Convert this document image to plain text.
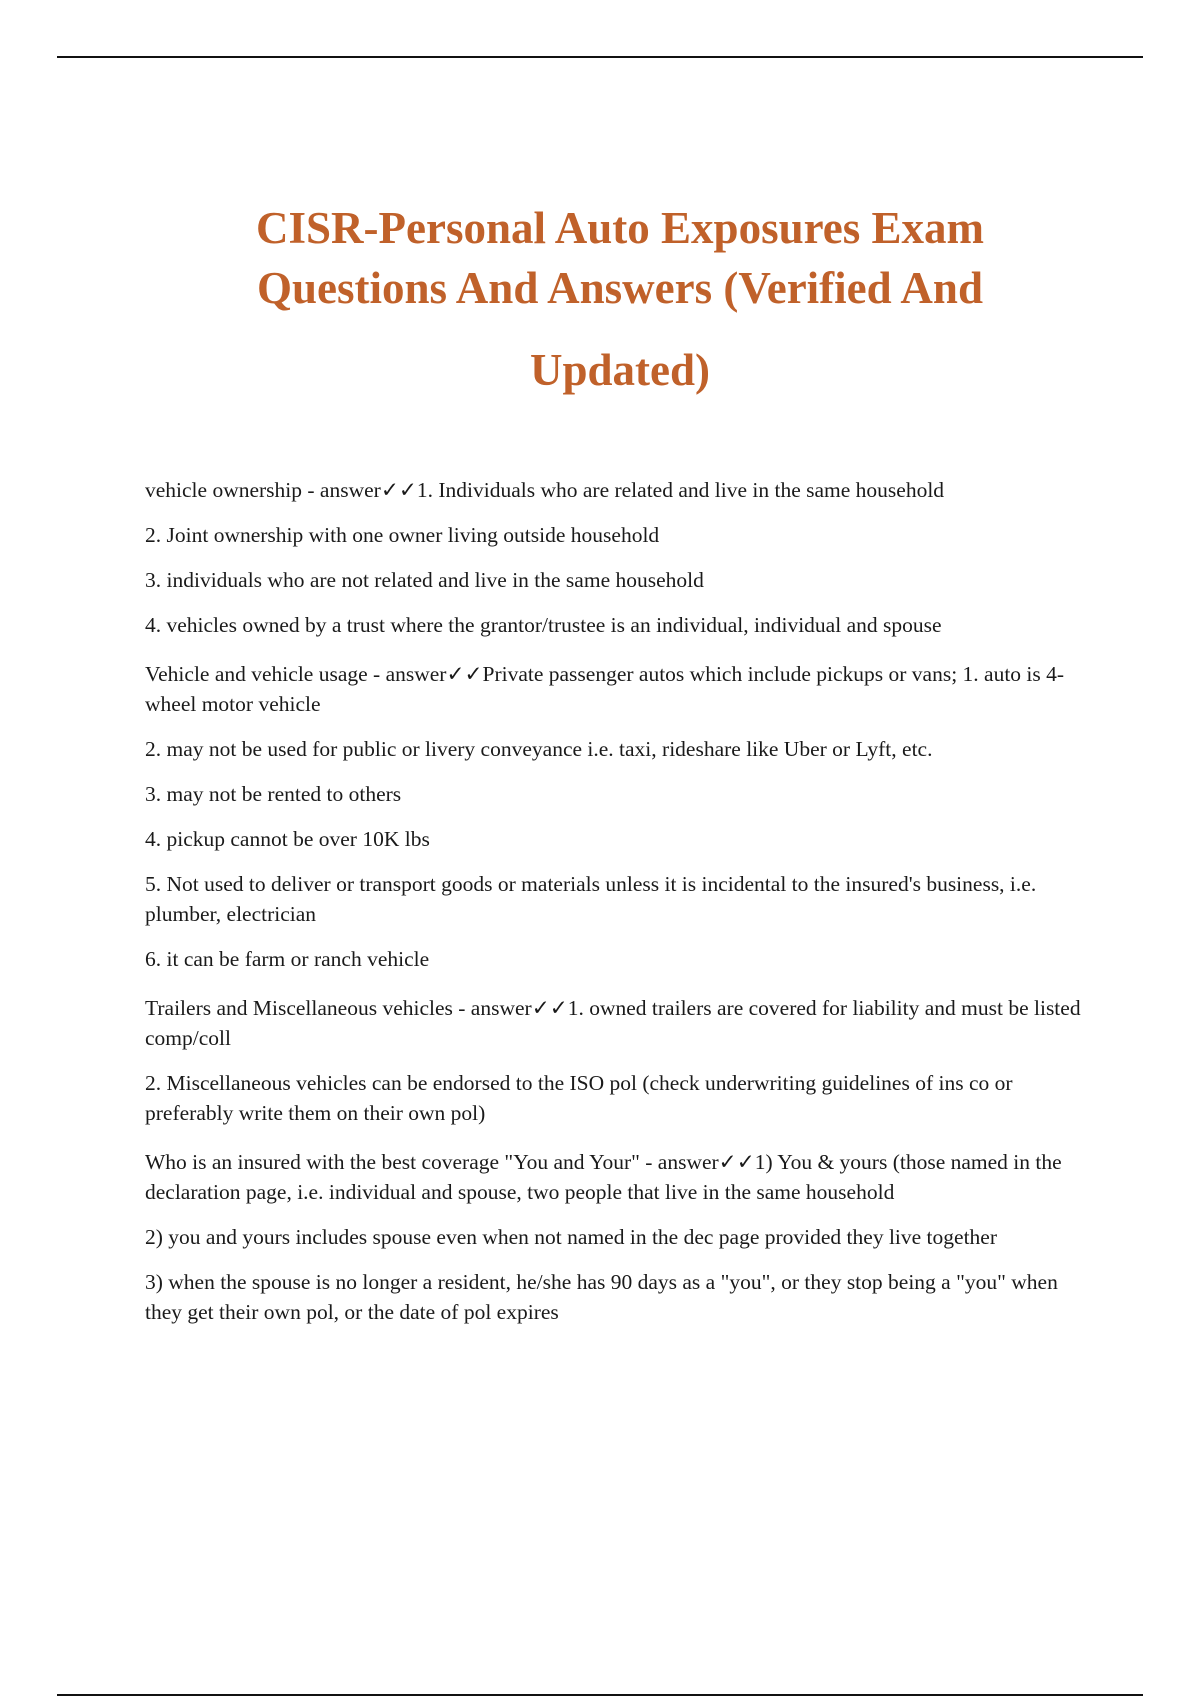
CISR-Personal Auto Exposures Exam
Questions And Answers (Verified And
Updated)

vehicle ownership - answer✓✓1. Individuals who are related and live in the same household

2. Joint ownership with one owner living outside household

3. individuals who are not related and live in the same household

4. vehicles owned by a trust where the grantor/trustee is an individual, individual and spouse

Vehicle and vehicle usage - answer✓✓Private passenger autos which include pickups or vans; 1. auto is 4-wheel motor vehicle

2. may not be used for public or livery conveyance i.e. taxi, rideshare like Uber or Lyft, etc.

3. may not be rented to others

4. pickup cannot be over 10K lbs

5. Not used to deliver or transport goods or materials unless it is incidental to the insured's business, i.e. plumber, electrician

6. it can be farm or ranch vehicle

Trailers and Miscellaneous vehicles - answer✓✓1. owned trailers are covered for liability and must be listed comp/coll

2. Miscellaneous vehicles can be endorsed to the ISO pol (check underwriting guidelines of ins co or preferably write them on their own pol)

Who is an insured with the best coverage "You and Your" - answer✓✓1) You & yours (those named in the declaration page, i.e. individual and spouse, two people that live in the same household

2) you and yours includes spouse even when not named in the dec page provided they live together

3) when the spouse is no longer a resident, he/she has 90 days as a "you", or they stop being a "you" when they get their own pol, or the date of pol expires
